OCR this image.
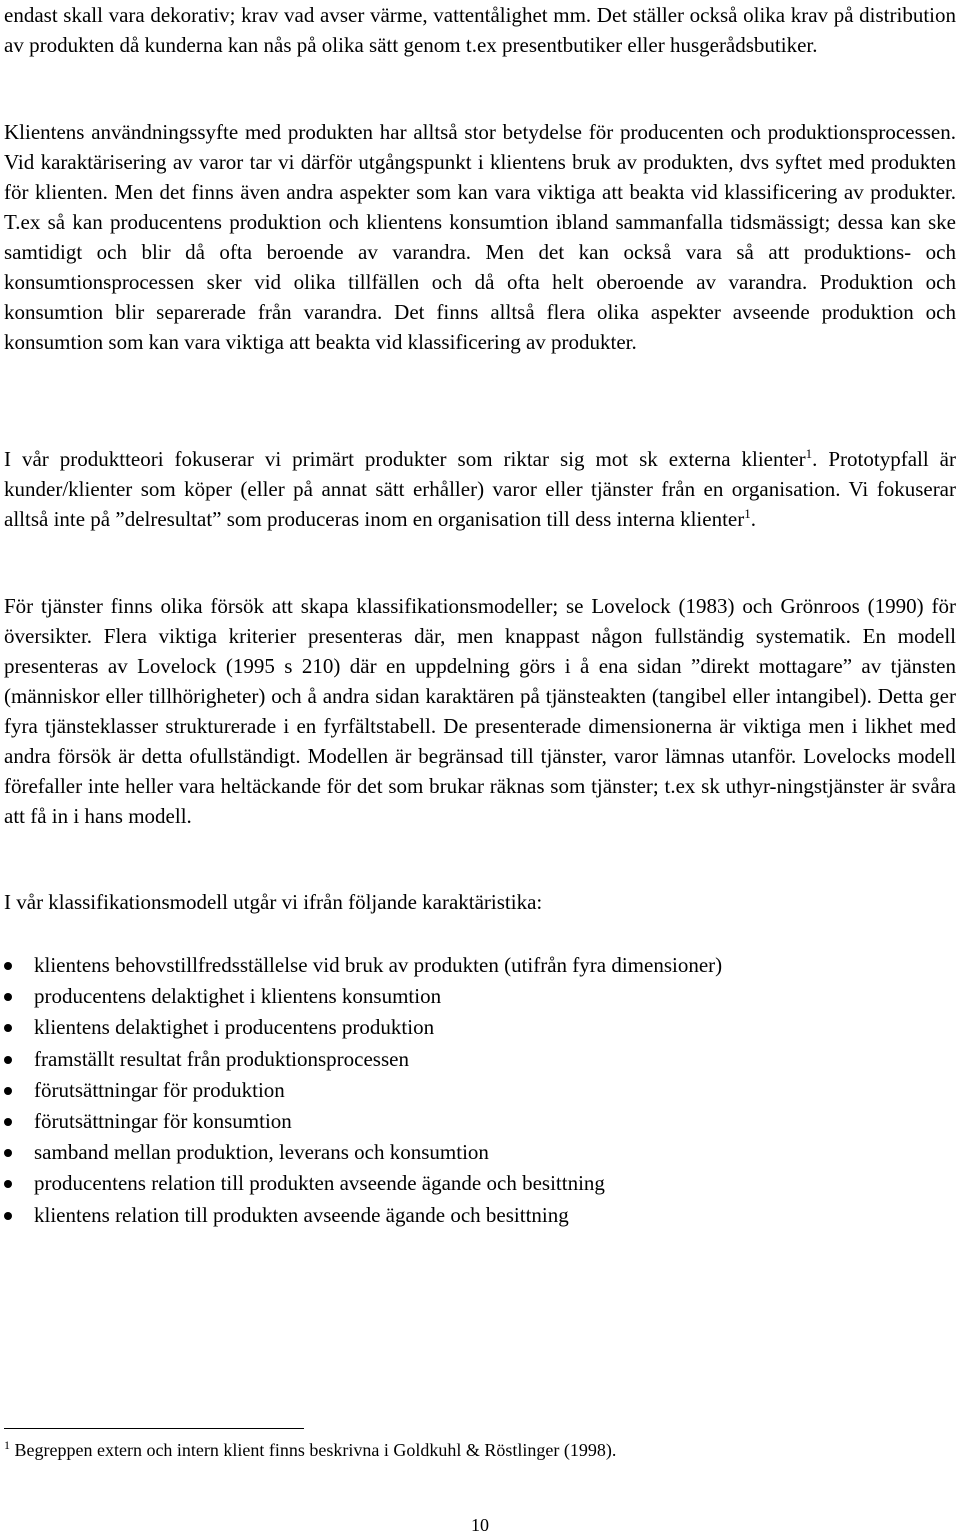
endast skall vara dekorativ; krav vad avser värme, vattentålighet mm. Det ställer också olika krav på distribution av produkten då kunderna kan nås på olika sätt genom t.ex presentbutiker eller husgerådsbutiker.

Klientens användningssyfte med produkten har alltså stor betydelse för producenten och produktionsprocessen. Vid karaktärisering av varor tar vi därför utgångspunkt i klientens bruk av produkten, dvs syftet med produkten för klienten. Men det finns även andra aspekter som kan vara viktiga att beakta vid klassificering av produkter. T.ex så kan producentens produktion och klientens konsumtion ibland sammanfalla tidsmässigt; dessa kan ske samtidigt och blir då ofta beroende av varandra. Men det kan också vara så att produktions- och konsumtionsprocessen sker vid olika tillfällen och då ofta helt oberoende av varandra. Produktion och konsumtion blir separerade från varandra. Det finns alltså flera olika aspekter avseende produktion och konsumtion som kan vara viktiga att beakta vid klassificering av produkter.

I vår produktteori fokuserar vi primärt produkter som riktar sig mot sk externa klienter$^1$. Prototypfall är kunder/klienter som köper (eller på annat sätt erhåller) varor eller tjänster från en organisation. Vi fokuserar alltså inte på ”delresultat” som produceras inom en organisation till dess interna klienter$^1$.

För tjänster finns olika försök att skapa klassifikationsmodeller; se Lovelock (1983) och Grönroos (1990) för översikter. Flera viktiga kriterier presenteras där, men knappast någon fullständig systematik. En modell presenteras av Lovelock (1995 s 210) där en uppdelning görs i å ena sidan ”direkt mottagare” av tjänsten (människor eller tillhörigheter) och å andra sidan karaktären på tjänsteakten (tangibel eller intangibel). Detta ger fyra tjänsteklasser strukturerade i en fyrfältstabell. De presenterade dimensionerna är viktiga men i likhet med andra försök är detta ofullständigt. Modellen är begränsad till tjänster, varor lämnas utanför. Lovelocks modell förefaller inte heller vara heltäckande för det som brukar räknas som tjänster; t.ex sk uthyr-ningstjänster är svåra att få in i hans modell.

I vår klassifikationsmodell utgår vi ifrån följande karaktäristika:

klientens behovstillfredsställelse vid bruk av produkten (utifrån fyra dimensioner)
producentens delaktighet i klientens konsumtion
klientens delaktighet i producentens produktion
framställt resultat från produktionsprocessen
förutsättningar för produktion
förutsättningar för konsumtion
samband mellan produktion, leverans och konsumtion
producentens relation till produkten avseende ägande och besittning
klientens relation till produkten avseende ägande och besittning
$^1$ Begreppen extern och intern klient finns beskrivna i Goldkuhl & Röstlinger (1998).
10
